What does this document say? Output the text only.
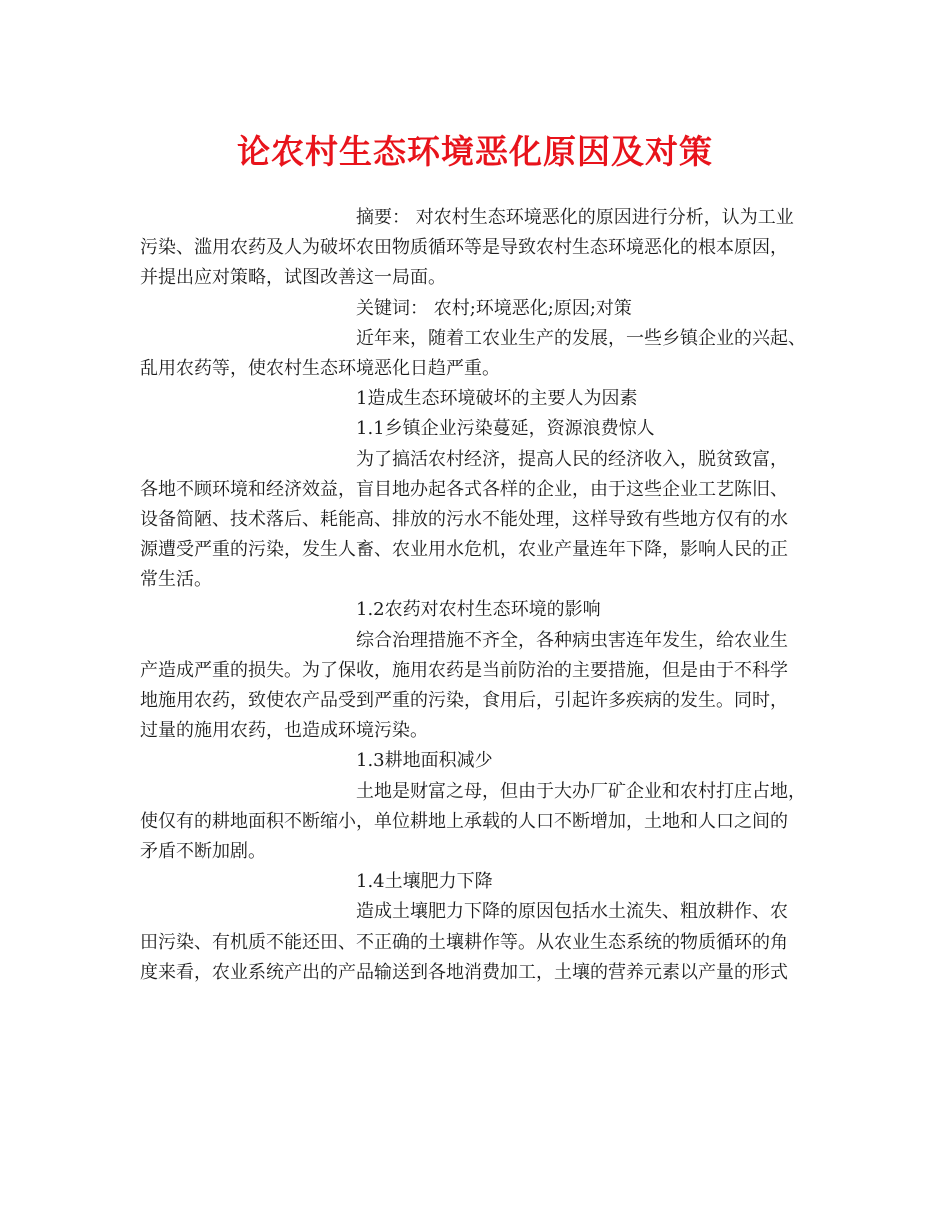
论农村生态环境恶化原因及对策
摘要： 对农村生态环境恶化的原因进行分析，认为工业
污染、滥用农药及人为破坏农田物质循环等是导致农村生态环境恶化的根本原因，
并提出应对策略，试图改善这一局面。
关键词： 农村;环境恶化;原因;对策
近年来，随着工农业生产的发展，一些乡镇企业的兴起、
乱用农药等，使农村生态环境恶化日趋严重。
1造成生态环境破坏的主要人为因素
1.1乡镇企业污染蔓延，资源浪费惊人
为了搞活农村经济，提高人民的经济收入，脱贫致富，
各地不顾环境和经济效益，盲目地办起各式各样的企业，由于这些企业工艺陈旧、
设备简陋、技术落后、耗能高、排放的污水不能处理，这样导致有些地方仅有的水
源遭受严重的污染，发生人畜、农业用水危机，农业产量连年下降，影响人民的正
常生活。
1.2农药对农村生态环境的影响
综合治理措施不齐全，各种病虫害连年发生，给农业生
产造成严重的损失。为了保收，施用农药是当前防治的主要措施，但是由于不科学
地施用农药，致使农产品受到严重的污染，食用后，引起许多疾病的发生。同时，
过量的施用农药，也造成环境污染。
1.3耕地面积减少
土地是财富之母，但由于大办厂矿企业和农村打庄占地，
使仅有的耕地面积不断缩小，单位耕地上承载的人口不断增加，土地和人口之间的
矛盾不断加剧。
1.4土壤肥力下降
造成土壤肥力下降的原因包括水土流失、粗放耕作、农
田污染、有机质不能还田、不正确的土壤耕作等。从农业生态系统的物质循环的角
度来看，农业系统产出的产品输送到各地消费加工，土壤的营养元素以产量的形式
